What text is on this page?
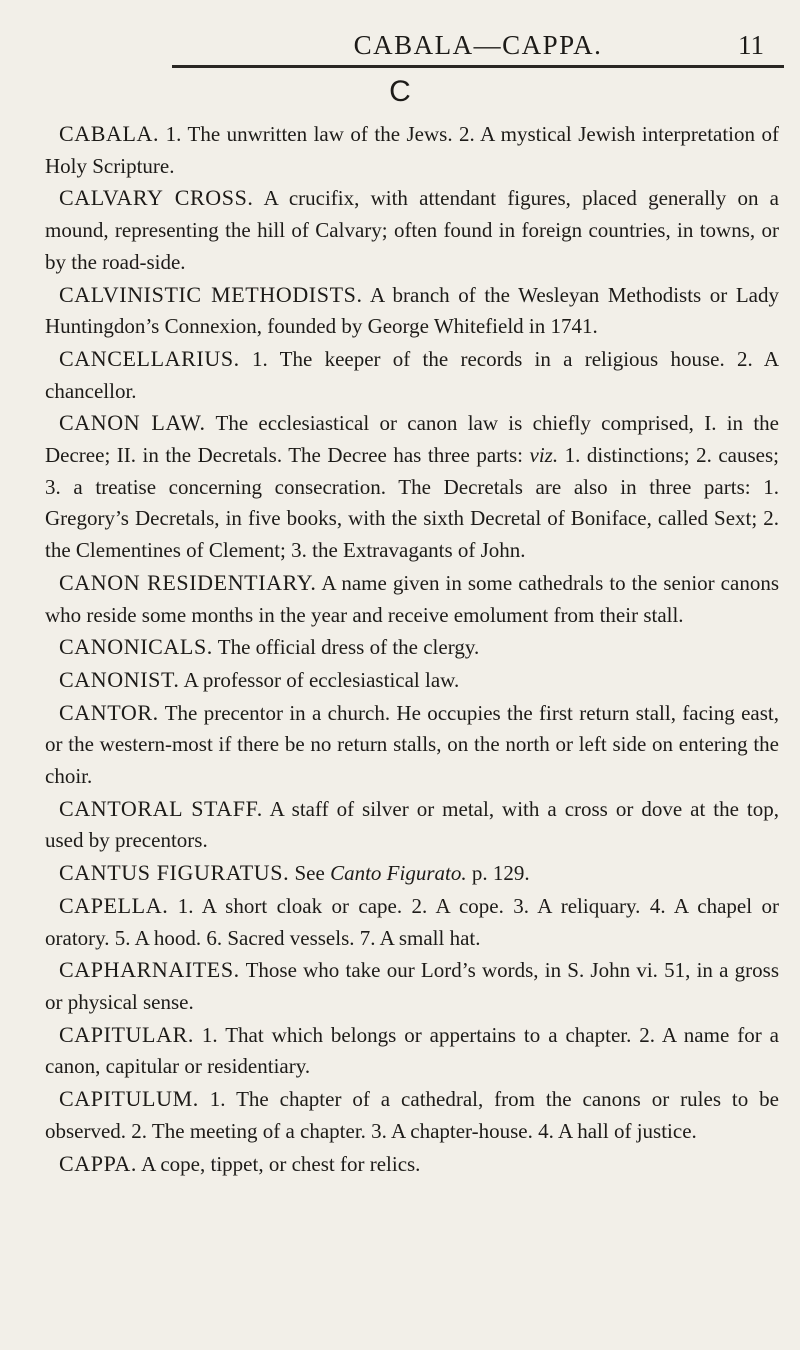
CABALA—CAPPA.	11
C

CABALA. 1. The unwritten law of the Jews. 2. A mystical Jewish interpretation of Holy Scripture.

CALVARY CROSS. A crucifix, with attendant figures, placed generally on a mound, representing the hill of Calvary; often found in foreign countries, in towns, or by the road-side.

CALVINISTIC METHODISTS. A branch of the Wesleyan Methodists or Lady Huntingdon’s Connexion, founded by George Whitefield in 1741.

CANCELLARIUS. 1. The keeper of the records in a religious house. 2. A chancellor.

CANON LAW. The ecclesiastical or canon law is chiefly comprised, I. in the Decree; II. in the Decretals. The Decree has three parts: viz. 1. distinctions; 2. causes; 3. a treatise concerning consecration. The Decretals are also in three parts: 1. Gregory’s Decretals, in five books, with the sixth Decretal of Boniface, called Sext; 2. the Clementines of Clement; 3. the Extravagants of John.

CANON RESIDENTIARY. A name given in some cathedrals to the senior canons who reside some months in the year and receive emolument from their stall.

CANONICALS. The official dress of the clergy.

CANONIST. A professor of ecclesiastical law.

CANTOR. The precentor in a church. He occupies the first return stall, facing east, or the western-most if there be no return stalls, on the north or left side on entering the choir.

CANTORAL STAFF. A staff of silver or metal, with a cross or dove at the top, used by precentors.

CANTUS FIGURATUS. See Canto Figurato. p. 129.

CAPELLA. 1. A short cloak or cape. 2. A cope. 3. A reliquary. 4. A chapel or oratory. 5. A hood. 6. Sacred vessels. 7. A small hat.

CAPHARNAITES. Those who take our Lord’s words, in S. John vi. 51, in a gross or physical sense.

CAPITULAR. 1. That which belongs or appertains to a chapter. 2. A name for a canon, capitular or residentiary.

CAPITULUM. 1. The chapter of a cathedral, from the canons or rules to be observed. 2. The meeting of a chapter. 3. A chapter-house. 4. A hall of justice.

CAPPA. A cope, tippet, or chest for relics.
